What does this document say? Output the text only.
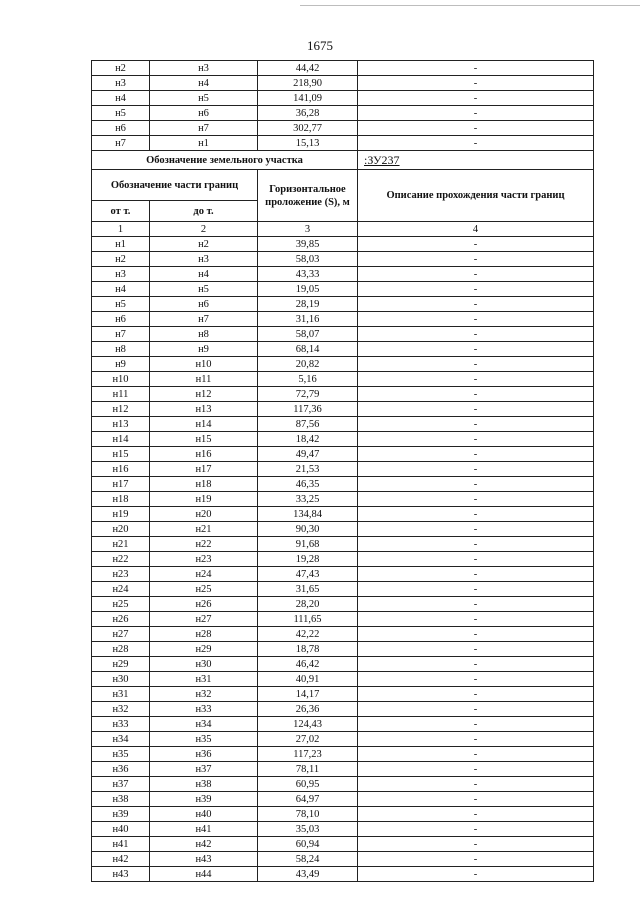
1675
н2	н3	44,42	-
н3	н4	218,90	-
н4	н5	141,09	-
н5	н6	36,28	-
н6	н7	302,77	-
н7	н1	15,13	-
Обозначение земельного участка			:ЗУ237
Обозначение части границ		Горизонтальное проложение (S), м	Описание прохождения части границ
от т.	до т.		
1	2	3	4
н1	н2	39,85	-
н2	н3	58,03	-
н3	н4	43,33	-
н4	н5	19,05	-
н5	н6	28,19	-
н6	н7	31,16	-
н7	н8	58,07	-
н8	н9	68,14	-
н9	н10	20,82	-
н10	н11	5,16	-
н11	н12	72,79	-
н12	н13	117,36	-
н13	н14	87,56	-
н14	н15	18,42	-
н15	н16	49,47	-
н16	н17	21,53	-
н17	н18	46,35	-
н18	н19	33,25	-
н19	н20	134,84	-
н20	н21	90,30	-
н21	н22	91,68	-
н22	н23	19,28	-
н23	н24	47,43	-
н24	н25	31,65	-
н25	н26	28,20	-
н26	н27	111,65	-
н27	н28	42,22	-
н28	н29	18,78	-
н29	н30	46,42	-
н30	н31	40,91	-
н31	н32	14,17	-
н32	н33	26,36	-
н33	н34	124,43	-
н34	н35	27,02	-
н35	н36	117,23	-
н36	н37	78,11	-
н37	н38	60,95	-
н38	н39	64,97	-
н39	н40	78,10	-
н40	н41	35,03	-
н41	н42	60,94	-
н42	н43	58,24	-
н43	н44	43,49	-
